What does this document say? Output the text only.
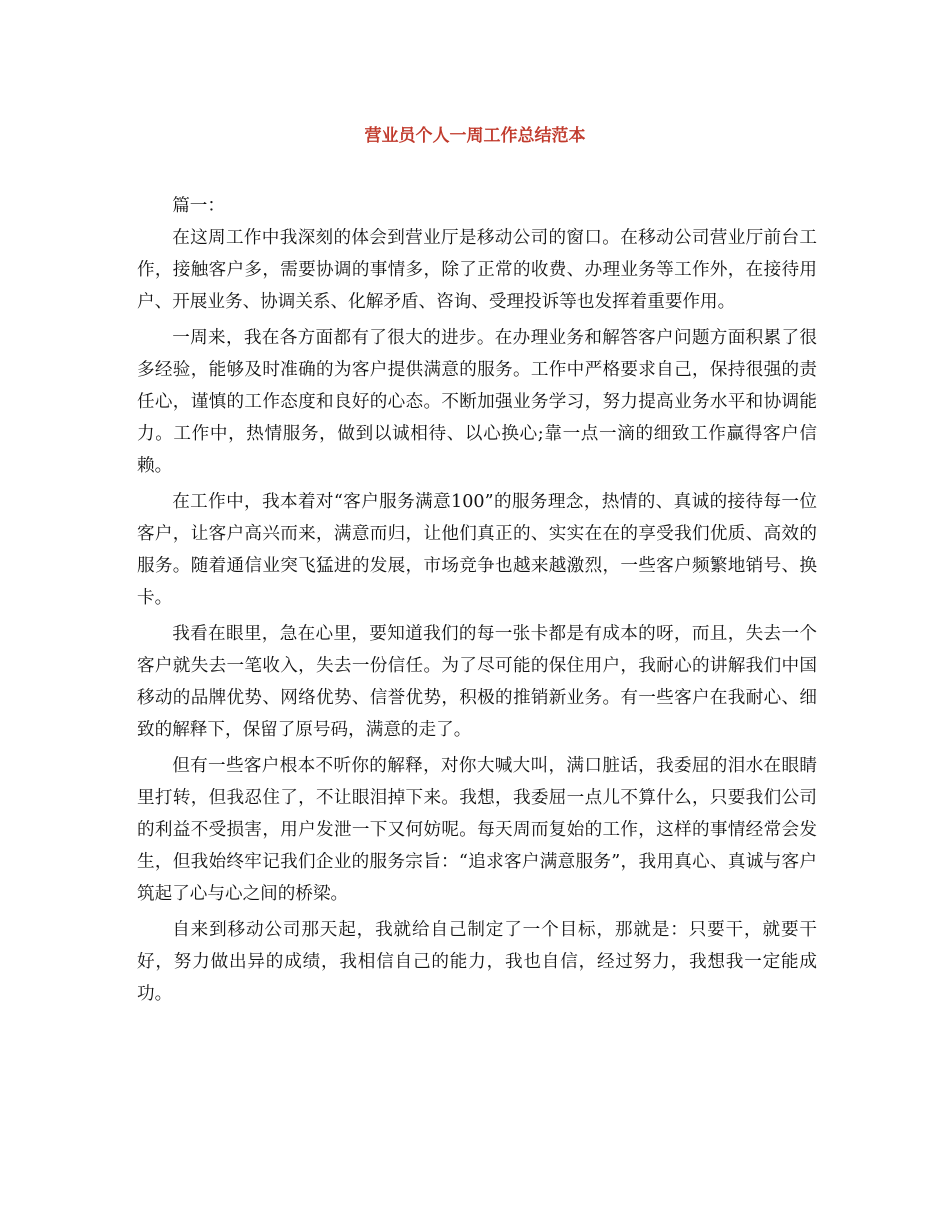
营业员个人一周工作总结范本

篇一：

在这周工作中我深刻的体会到营业厅是移动公司的窗口。在移动公司营业厅前台工作，接触客户多，需要协调的事情多，除了正常的收费、办理业务等工作外，在接待用户、开展业务、协调关系、化解矛盾、咨询、受理投诉等也发挥着重要作用。

一周来，我在各方面都有了很大的进步。在办理业务和解答客户问题方面积累了很多经验，能够及时准确的为客户提供满意的服务。工作中严格要求自己，保持很强的责任心，谨慎的工作态度和良好的心态。不断加强业务学习，努力提高业务水平和协调能力。工作中，热情服务，做到以诚相待、以心换心;靠一点一滴的细致工作赢得客户信赖。

在工作中，我本着对“客户服务满意100”的服务理念，热情的、真诚的接待每一位客户，让客户高兴而来，满意而归，让他们真正的、实实在在的享受我们优质、高效的服务。随着通信业突飞猛进的发展，市场竞争也越来越激烈，一些客户频繁地销号、换卡。

我看在眼里，急在心里，要知道我们的每一张卡都是有成本的呀，而且，失去一个客户就失去一笔收入，失去一份信任。为了尽可能的保住用户，我耐心的讲解我们中国移动的品牌优势、网络优势、信誉优势，积极的推销新业务。有一些客户在我耐心、细致的解释下，保留了原号码，满意的走了。

但有一些客户根本不听你的解释，对你大喊大叫，满口脏话，我委屈的泪水在眼睛里打转，但我忍住了，不让眼泪掉下来。我想，我委屈一点儿不算什么，只要我们公司的利益不受损害，用户发泄一下又何妨呢。每天周而复始的工作，这样的事情经常会发生，但我始终牢记我们企业的服务宗旨：“追求客户满意服务”，我用真心、真诚与客户筑起了心与心之间的桥梁。

自来到移动公司那天起，我就给自己制定了一个目标，那就是：只要干，就要干好，努力做出异的成绩，我相信自己的能力，我也自信，经过努力，我想我一定能成功。
